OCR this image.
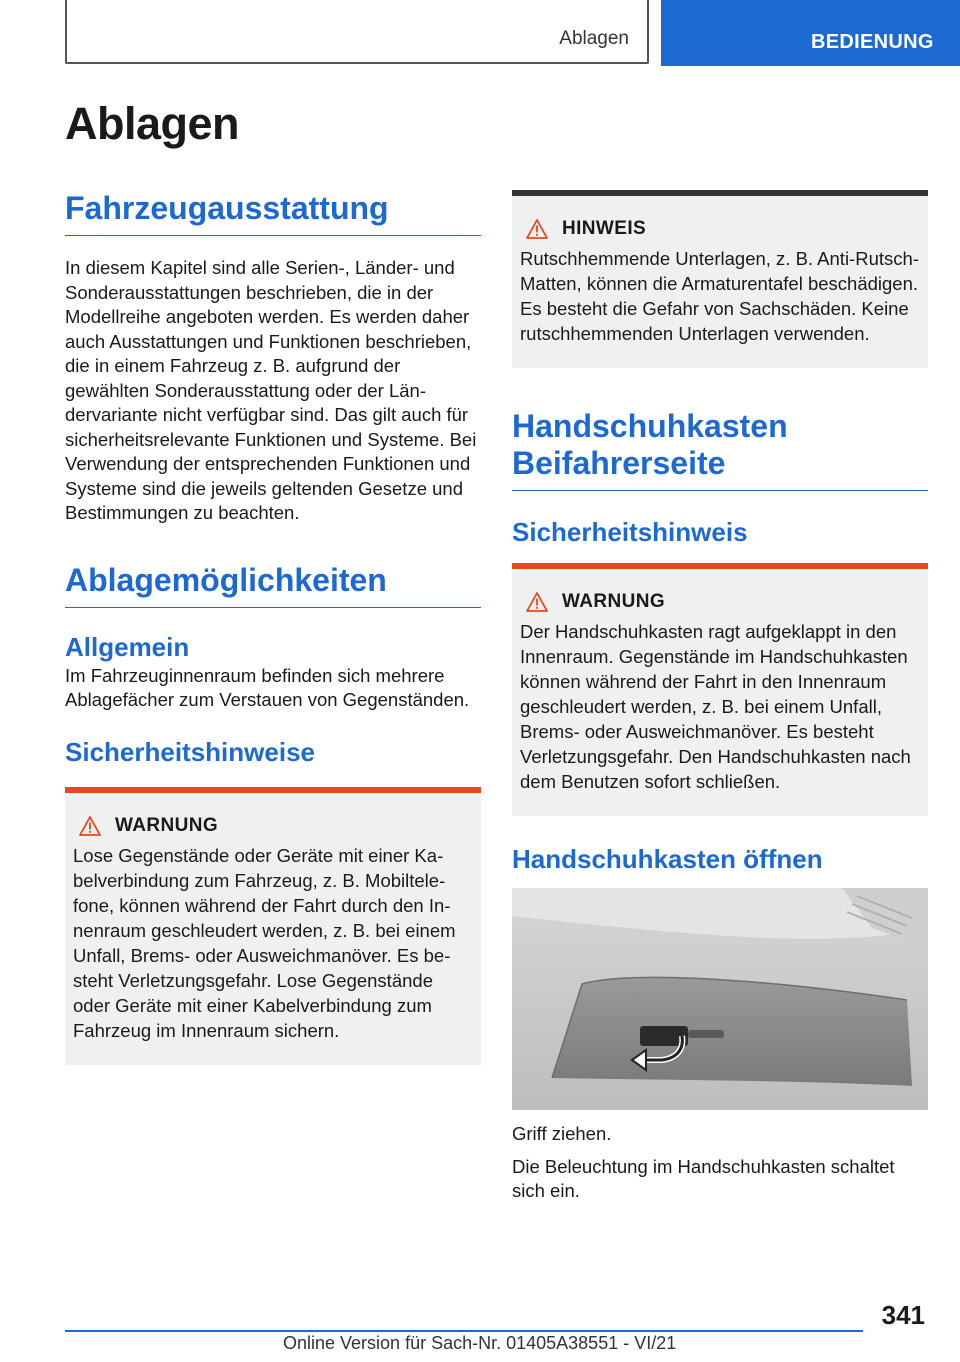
Ablagen	BEDIENUNG
Ablagen
Fahrzeugausstattung

In diesem Kapitel sind alle Serien-, Länder- und Sonderausstattungen beschrieben, die in der Modellreihe angeboten werden. Es werden daher auch Ausstattungen und Funktionen beschrieben, die in einem Fahrzeug z. B. aufgrund der gewählten Sonderausstattung oder der Ländervariante nicht verfügbar sind. Das gilt auch für sicherheitsrelevante Funktionen und Systeme. Bei Verwendung der entsprechenden Funktionen und Systeme sind die jeweils geltenden Gesetze und Bestimmungen zu beachten.

Ablagemöglichkeiten
Allgemein

Im Fahrzeuginnenraum befinden sich mehrere Ablagefächer zum Verstauen von Gegenständen.

Sicherheitshinweise
WARNUNG

Lose Gegenstände oder Geräte mit einer Kabelverbindung zum Fahrzeug, z. B. Mobiltelefone, können während der Fahrt durch den Innenraum geschleudert werden, z. B. bei einem Unfall, Brems- oder Ausweichmanöver. Es besteht Verletzungsgefahr. Lose Gegenstände oder Geräte mit einer Kabelverbindung zum Fahrzeug im Innenraum sichern.

HINWEIS

Rutschhemmende Unterlagen, z. B. Anti-Rutsch-Matten, können die Armaturentafel beschädigen. Es besteht die Gefahr von Sachschäden. Keine rutschhemmenden Unterlagen verwenden.

Handschuhkasten Beifahrerseite
Sicherheitshinweis
WARNUNG

Der Handschuhkasten ragt aufgeklappt in den Innenraum. Gegenstände im Handschuhkasten können während der Fahrt in den Innenraum geschleudert werden, z. B. bei einem Unfall, Brems- oder Ausweichmanöver. Es besteht Verletzungsgefahr. Den Handschuhkasten nach dem Benutzen sofort schließen.

Handschuhkasten öffnen

Griff ziehen.

Die Beleuchtung im Handschuhkasten schaltet sich ein.

341
Online Version für Sach-Nr. 01405A38551 - VI/21
